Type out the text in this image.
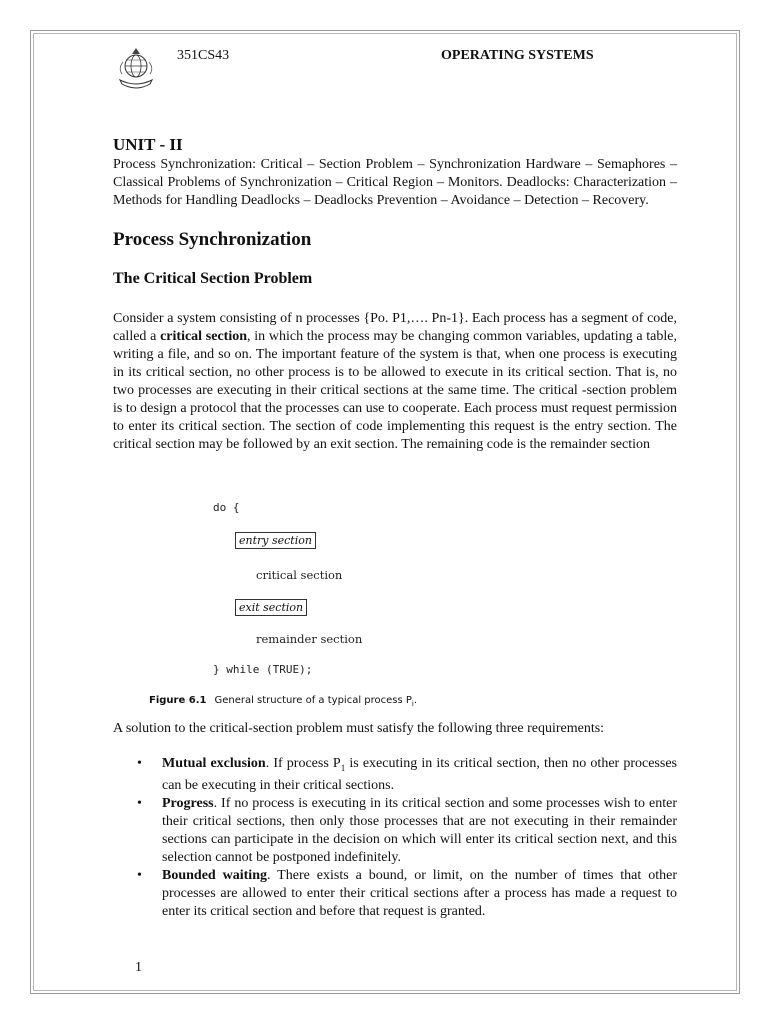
351CS43	OPERATING SYSTEMS
UNIT - II

Process Synchronization: Critical – Section Problem – Synchronization Hardware – Semaphores – Classical Problems of Synchronization – Critical Region – Monitors. Deadlocks: Characterization – Methods for Handling Deadlocks – Deadlocks Prevention – Avoidance – Detection – Recovery.

Process Synchronization
The Critical Section Problem

Consider a system consisting of n processes {Po. P1,…. Pn-1}. Each process has a segment of code, called a critical section, in which the process may be changing common variables, updating a table, writing a file, and so on. The important feature of the system is that, when one process is executing in its critical section, no other process is to be allowed to execute in its critical section. That is, no two processes are executing in their critical sections at the same time. The critical -section problem is to design a protocol that the processes can use to cooperate. Each process must request permission to enter its critical section. The section of code implementing this request is the entry section. The critical section may be followed by an exit section. The remaining code is the remainder section

do {
entry section
critical section
exit section
remainder section
} while (TRUE);
Figure 6.1 General structure of a typical process $P_i$.
A solution to the critical-section problem must satisfy the following three requirements:
• Mutual exclusion. If process $P_1$ is executing in its critical section, then no other processes can be executing in their critical sections.
• Progress. If no process is executing in its critical section and some processes wish to enter their critical sections, then only those processes that are not executing in their remainder sections can participate in the decision on which will enter its critical section next, and this selection cannot be postponed indefinitely.
• Bounded waiting. There exists a bound, or limit, on the number of times that other processes are allowed to enter their critical sections after a process has made a request to enter its critical section and before that request is granted.
1
